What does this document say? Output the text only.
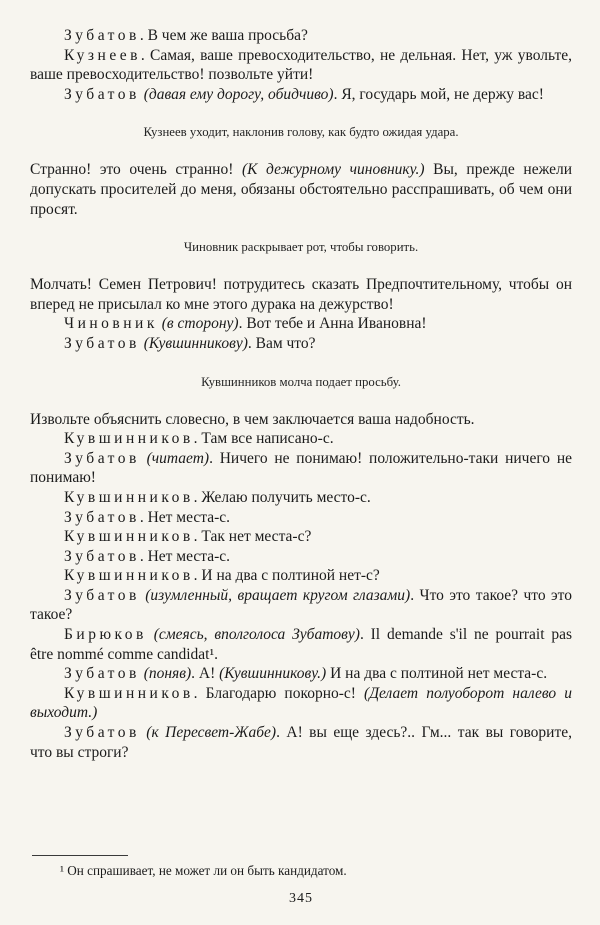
Зубатов. В чем же ваша просьба?

Кузнеев. Самая, ваше превосходительство, не дельная. Нет, уж увольте, ваше превосходительство! позвольте уйти!

Зубатов (давая ему дорогу, обидчиво). Я, государь мой, не держу вас!

Кузнеев уходит, наклонив голову, как будто ожидая удара.

Странно! это очень странно! (К дежурному чиновнику.) Вы, прежде нежели допускать просителей до меня, обязаны обстоятельно расспрашивать, об чем они просят.

Чиновник раскрывает рот, чтобы говорить.

Молчать! Семен Петрович! потрудитесь сказать Предпочтительному, чтобы он вперед не присылал ко мне этого дурака на дежурство!

Чиновник (в сторону). Вот тебе и Анна Ивановна!

Зубатов (Кувшинникову). Вам что?

Кувшинников молча подает просьбу.

Извольте объяснить словесно, в чем заключается ваша надобность.

Кувшинников. Там все написано-с.

Зубатов (читает). Ничего не понимаю! положительно-таки ничего не понимаю!

Кувшинников. Желаю получить место-с.

Зубатов. Нет места-с.

Кувшинников. Так нет места-с?

Зубатов. Нет места-с.

Кувшинников. И на два с полтиной нет-с?

Зубатов (изумленный, вращает кругом глазами). Что это такое? что это такое?

Бирюков (смеясь, вполголоса Зубатову). Il demande s'il ne pourrait pas être nommé comme candidat¹.

Зубатов (поняв). А! (Кувшинникову.) И на два с полтиной нет места-с.

Кувшинников. Благодарю покорно-с! (Делает полуоборот налево и выходит.)

Зубатов (к Пересвет-Жабе). А! вы еще здесь?.. Гм... так вы говорите, что вы строги?

¹ Он спрашивает, не может ли он быть кандидатом.
345
